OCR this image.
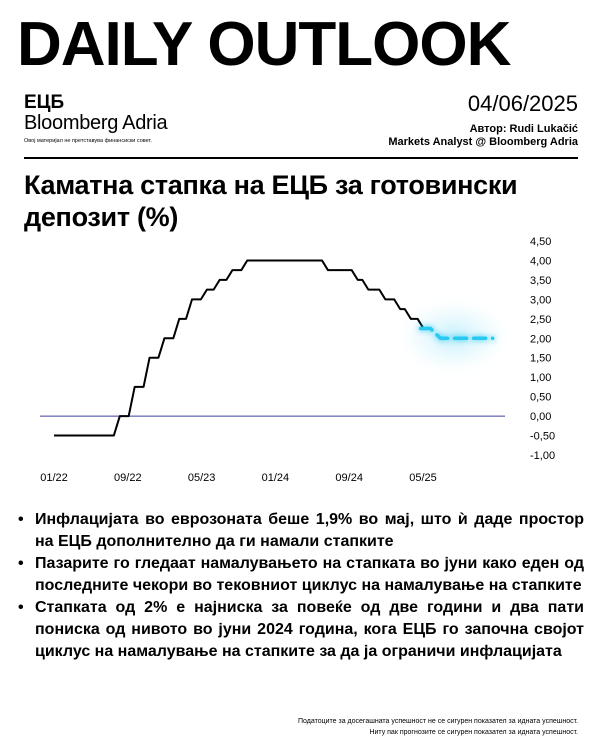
DAILY OUTLOOK
ЕЦБ
Bloomberg Adria
Овој материјал не претставува финансиски совет.
04/06/2025
Автор: Rudi Lukačić
Markets Analyst @ Bloomberg Adria
Каматна стапка на ЕЦБ за готовински депозит (%)
4,50
4,00
3,50
3,00
2,50
2,00
1,50
1,00
0,50
0,00
-0,50
-1,00
01/22	09/22	05/23	01/24	09/24	05/25
• Инфлацијата во еврозоната беше 1,9% во мај, што ѝ даде простор на ЕЦБ дополнително да ги намали стапките
• Пазарите го гледаат намалувањето на стапката во јуни како еден од последните чекори во тековниот циклус на намалување на стапките
• Стапката од 2% е најниска за повеќе од две години и два пати пониска од нивото во јуни 2024 година, кога ЕЦБ го започна својот циклус на намалување на стапките за да ја ограничи инфлацијата
Податоците за досегашната успешност не се сигурен показател за идната успешност.
Ниту пак прогнозите се сигурен показател за идната успешност.
